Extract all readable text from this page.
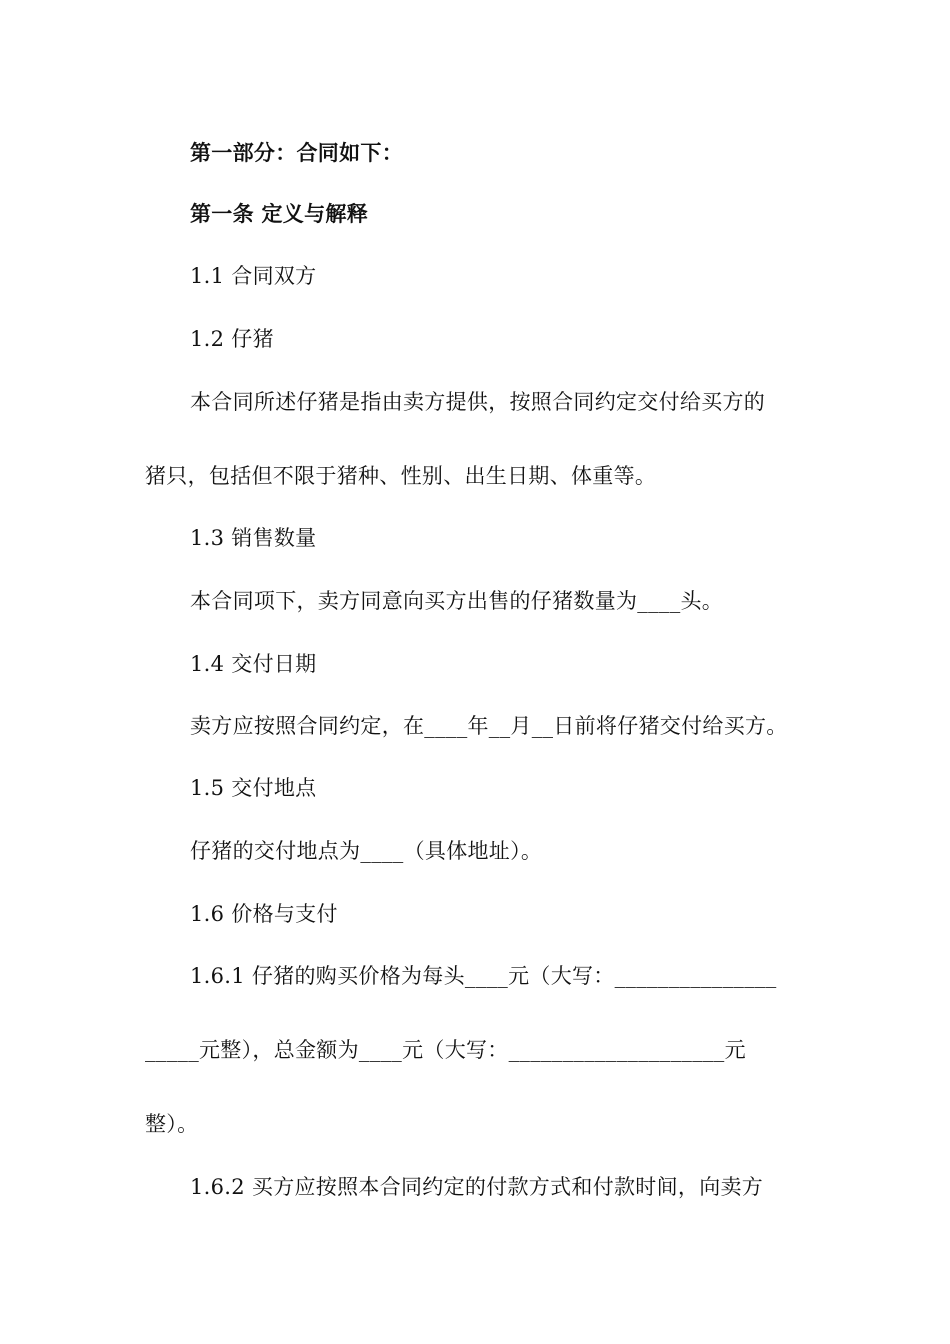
第一部分：合同如下：
第一条 定义与解释
1.1 合同双方
1.2 仔猪
本合同所述仔猪是指由卖方提供，按照合同约定交付给买方的
猪只，包括但不限于猪种、性别、出生日期、体重等。
1.3 销售数量
本合同项下，卖方同意向买方出售的仔猪数量为____头。
1.4 交付日期
卖方应按照合同约定，在____年__月__日前将仔猪交付给买方。
1.5 交付地点
仔猪的交付地点为____（具体地址）。
1.6 价格与支付
1.6.1 仔猪的购买价格为每头____元（大写：_______________
_____元整），总金额为____元（大写：____________________元
整）。
1.6.2 买方应按照本合同约定的付款方式和付款时间，向卖方
